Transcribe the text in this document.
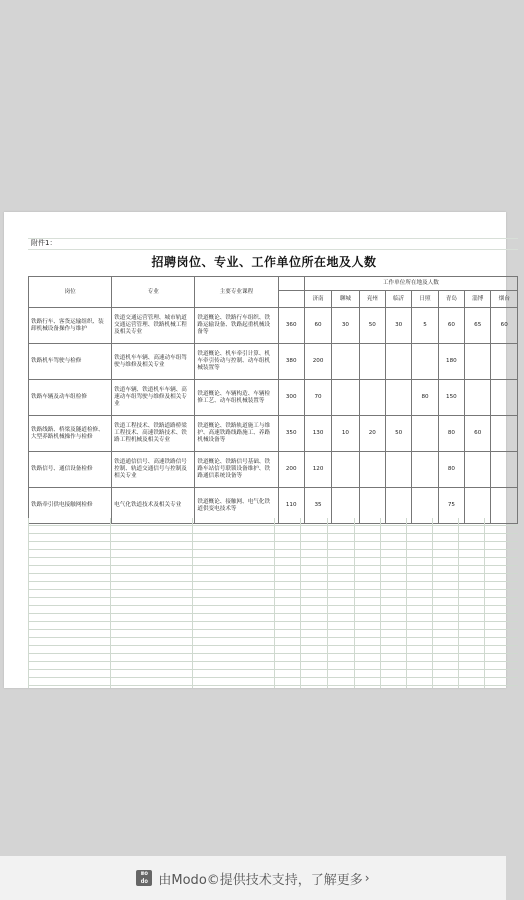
附件1：
招聘岗位、专业、工作单位所在地及人数
岗位	专业	主要专业课程		工作单位所在地及人数							
				济南	聊城	兖州	临沂	日照	青岛	淄博	烟台
铁路行车、客货运输组织、装卸机械设备操作与维护	铁道交通运营管理、城市轨道交通运营管理、铁路机械工程及相关专业	铁道概论、铁路行车组织、铁路运输设备、铁路起重机械设备等	360	60	30	50	30	5	60	65	60
铁路机车驾驶与检修	铁道机车车辆、高速动车组驾驶与维修及相关专业	铁道概论、机车牵引计算、机车牵引传动与控制、动车组机械装置等	380	200					180		
铁路车辆及动车组检修	铁道车辆、铁道机车车辆、高速动车组驾驶与维修及相关专业	铁道概论、车辆构造、车辆检修工艺、动车组机械装置等	300	70				80	150		
铁路线路、桥梁及隧道检修、大型养路机械操作与检修	铁道工程技术、铁路道路桥梁工程技术、高速铁路技术、铁路工程机械及相关专业	铁道概论、铁路轨道施工与维护、高速铁路线路施工、养路机械设备等	350	130	10	20	50		80	60	
铁路信号、通信设备检修	铁道通信信号、高速铁路信号控制、轨道交通信号与控制及相关专业	铁道概论、铁路信号基础、铁路车站信号联锁设备维护、铁路通信系统设备等	200	120					80		
铁路牵引供电接触网检修	电气化铁道技术及相关专业	铁道概论、接触网、电气化铁道供变电技术等	110	35					75		
mo do 由Modo©提供技术支持，了解更多 ›
